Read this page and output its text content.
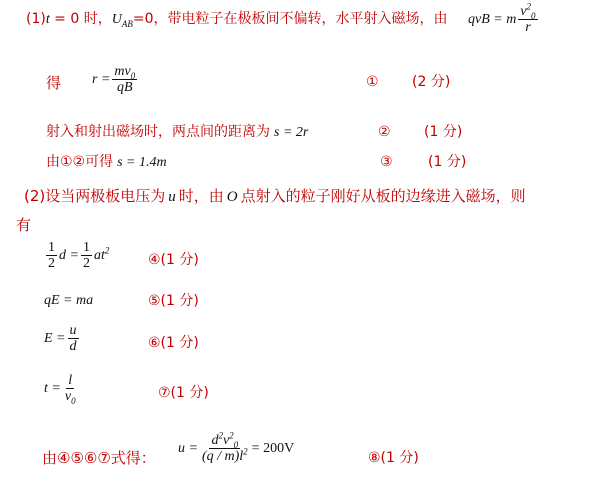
(1)t = 0 时，$U_{AB}=0$，带电粒子在极板间不偏转，水平射入磁场，由 qvB = m $\frac{v^2_0}{r}$
得 $r = \frac{mv_0}{qB}$	① (2 分)
射入和射出磁场时，两点间的距离为 s = 2r	② (1 分)
由①②可得 s = 1.4m	③	(1 分)
(2)设当两极板电压为 u 时，由 O 点射入的粒子刚好从板的边缘进入磁场，则
有
$\frac{1}{2}$ $d = \frac{1}{2} at^2$
④(1 分)
qE = ma	⑤(1 分)
$E = \frac{u}{d}$	⑥(1 分)
$t = \frac{l}{v_0}$	⑦(1 分)
由④⑤⑥⑦式得：
$u = \frac{d^2v^2_0}{(q / m)l^2} = 200V$
⑧(1 分)
